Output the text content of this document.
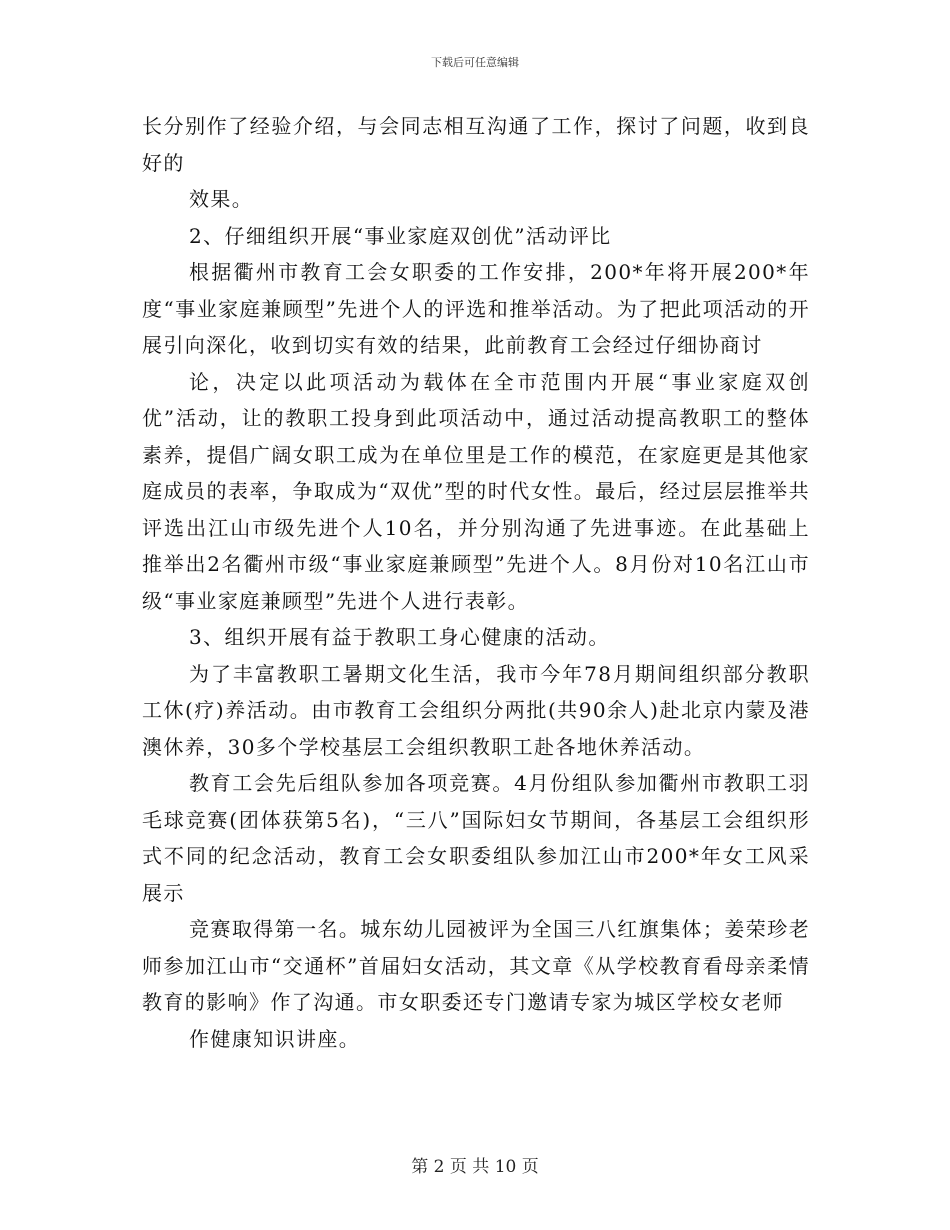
下载后可任意编辑

长分别作了经验介绍，与会同志相互沟通了工作，探讨了问题，收到良好的

效果。

2、仔细组织开展“事业家庭双创优”活动评比

根据衢州市教育工会女职委的工作安排，200*年将开展200*年度“事业家庭兼顾型”先进个人的评选和推举活动。为了把此项活动的开展引向深化，收到切实有效的结果，此前教育工会经过仔细协商讨

论，决定以此项活动为载体在全市范围内开展“事业家庭双创优”活动，让的教职工投身到此项活动中，通过活动提高教职工的整体素养，提倡广阔女职工成为在单位里是工作的模范，在家庭更是其他家庭成员的表率，争取成为“双优”型的时代女性。最后，经过层层推举共评选出江山市级先进个人10名，并分别沟通了先进事迹。在此基础上推举出2名衢州市级“事业家庭兼顾型”先进个人。8月份对10名江山市级“事业家庭兼顾型”先进个人进行表彰。

3、组织开展有益于教职工身心健康的活动。

为了丰富教职工暑期文化生活，我市今年78月期间组织部分教职工休(疗)养活动。由市教育工会组织分两批(共90余人)赴北京内蒙及港澳休养，30多个学校基层工会组织教职工赴各地休养活动。

教育工会先后组队参加各项竞赛。4月份组队参加衢州市教职工羽毛球竞赛(团体获第5名)，“三八”国际妇女节期间，各基层工会组织形式不同的纪念活动，教育工会女职委组队参加江山市200*年女工风采展示

竞赛取得第一名。城东幼儿园被评为全国三八红旗集体；姜荣珍老师参加江山市“交通杯”首届妇女活动，其文章《从学校教育看母亲柔情教育的影响》作了沟通。市女职委还专门邀请专家为城区学校女老师

作健康知识讲座。

第 2 页 共 10 页
